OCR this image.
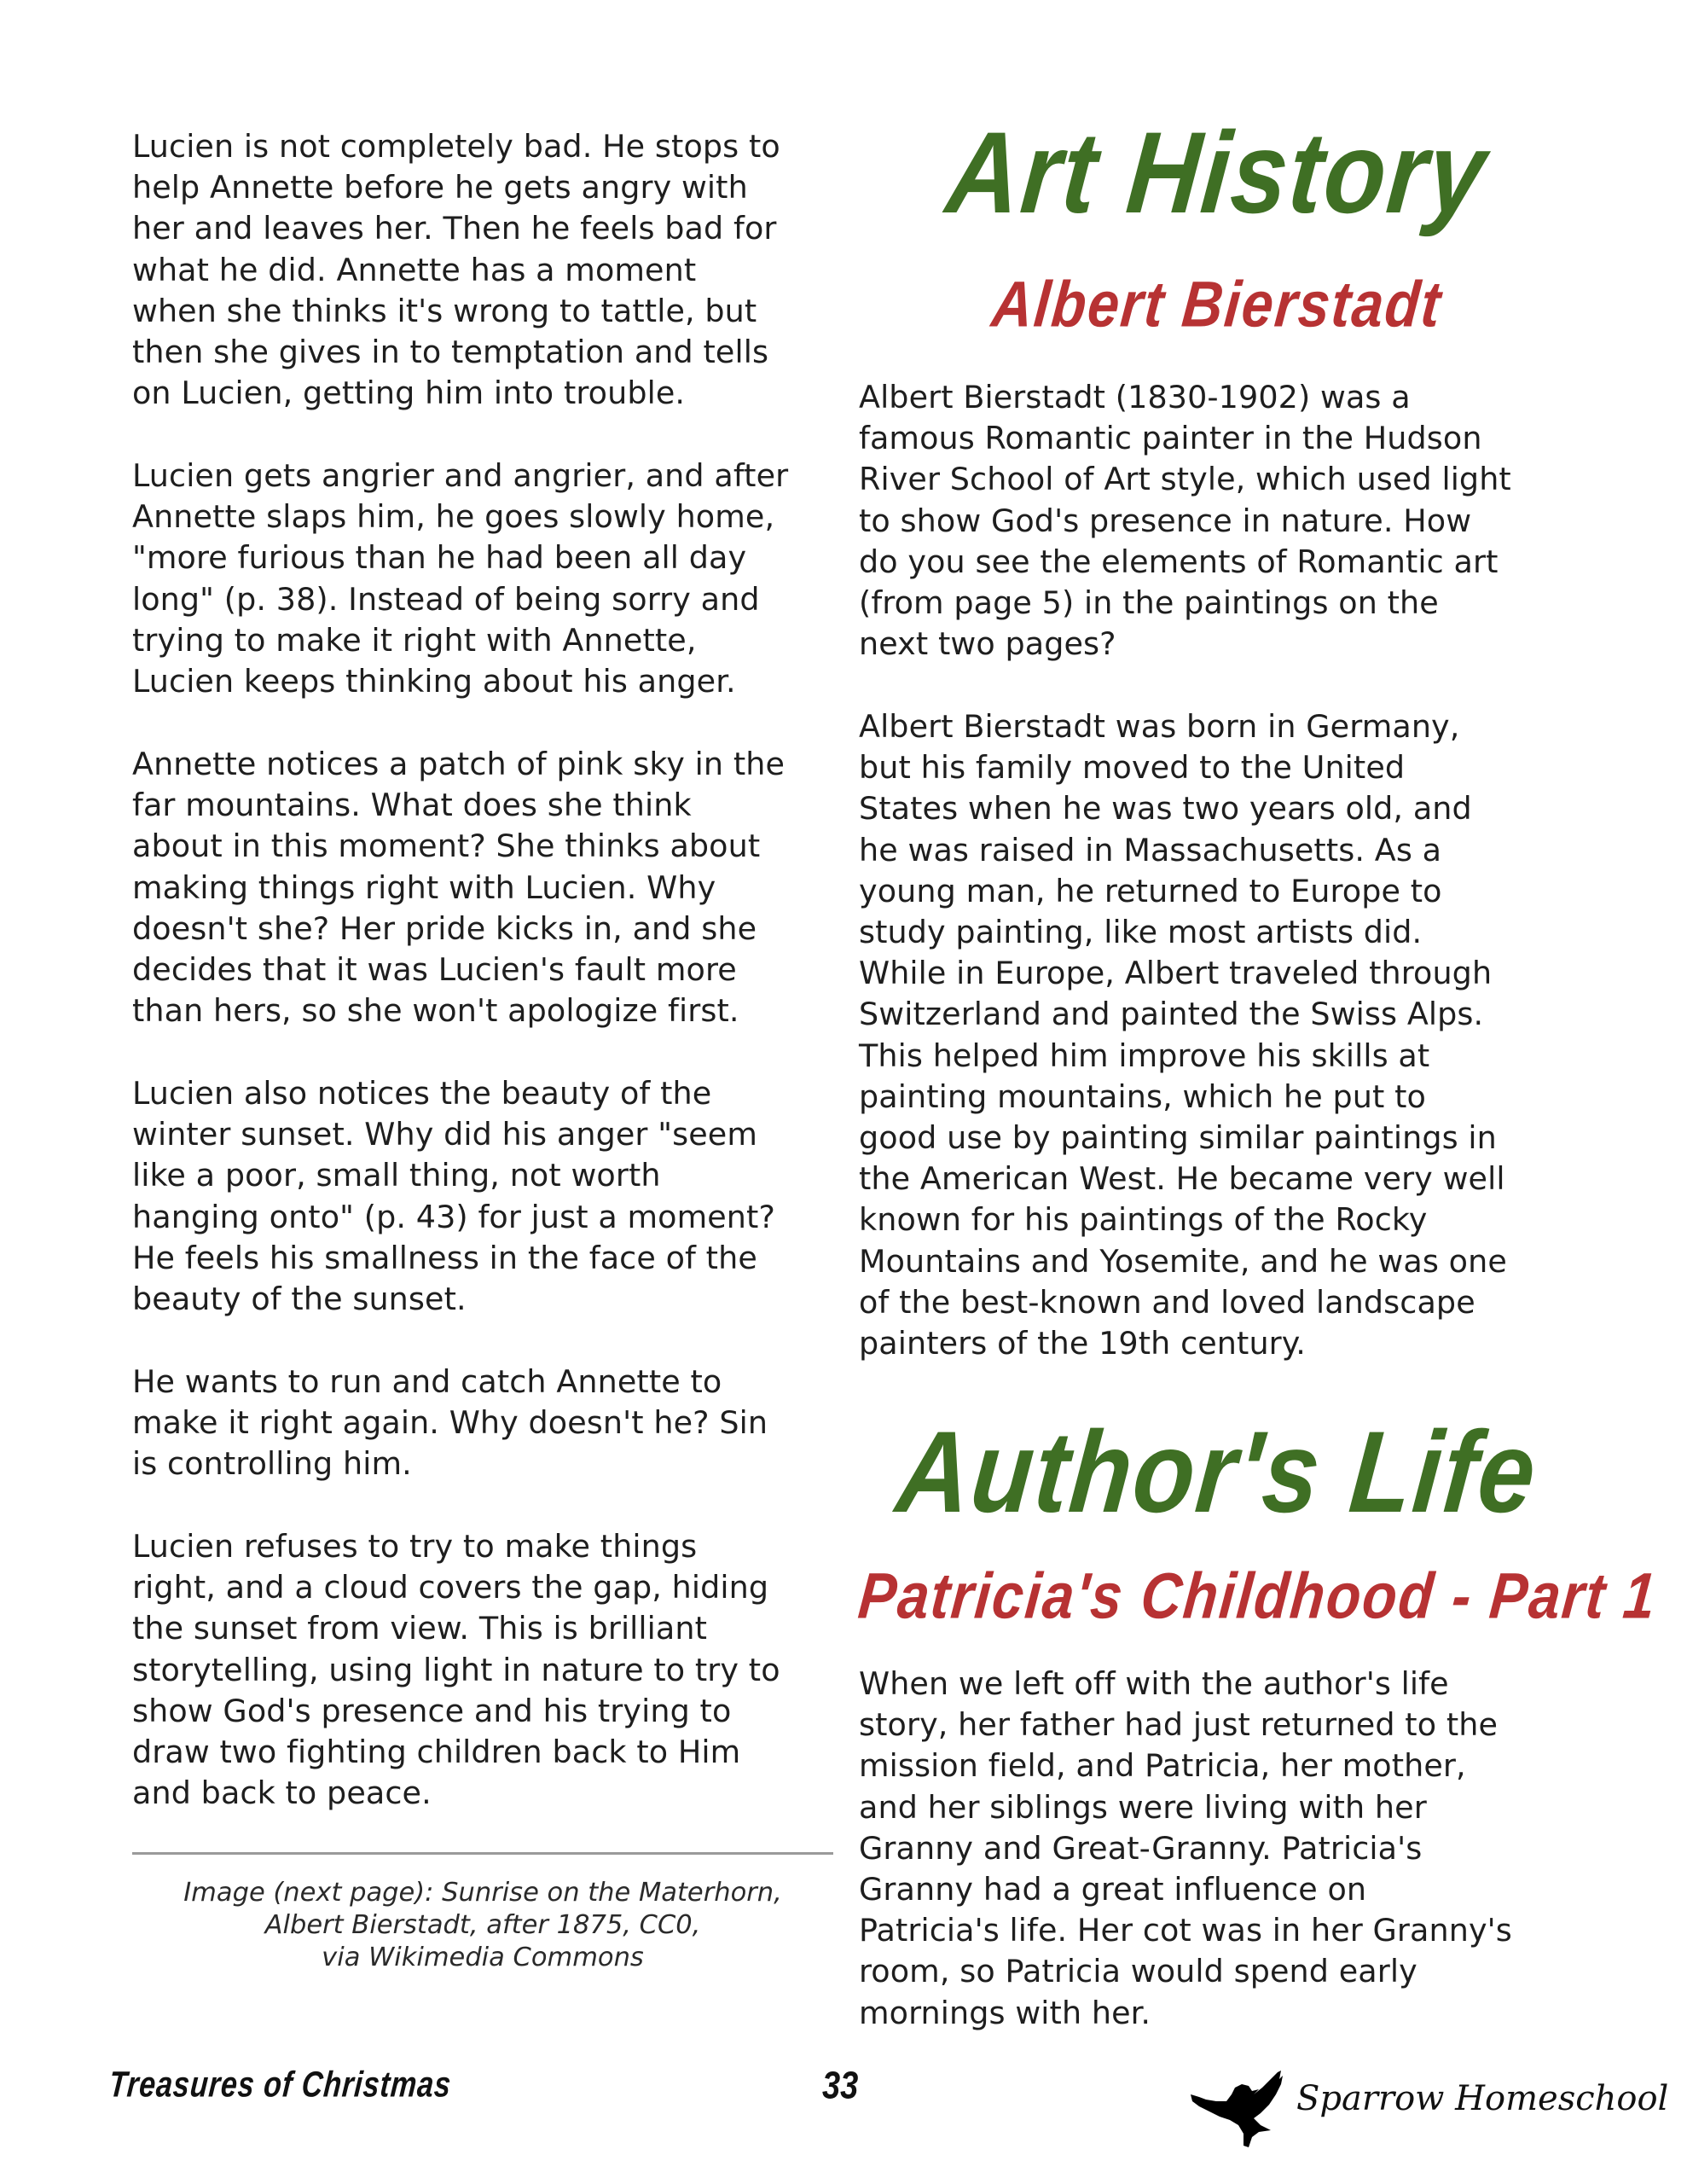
Lucien is not completely bad. He stops to
help Annette before he gets angry with
her and leaves her. Then he feels bad for
what he did. Annette has a moment
when she thinks it's wrong to tattle, but
then she gives in to temptation and tells
on Lucien, getting him into trouble.

Lucien gets angrier and angrier, and after
Annette slaps him, he goes slowly home,
"more furious than he had been all day
long" (p. 38). Instead of being sorry and
trying to make it right with Annette,
Lucien keeps thinking about his anger.

Annette notices a patch of pink sky in the
far mountains. What does she think
about in this moment? She thinks about
making things right with Lucien. Why
doesn't she? Her pride kicks in, and she
decides that it was Lucien's fault more
than hers, so she won't apologize first.

Lucien also notices the beauty of the
winter sunset. Why did his anger "seem
like a poor, small thing, not worth
hanging onto" (p. 43) for just a moment?
He feels his smallness in the face of the
beauty of the sunset.

He wants to run and catch Annette to
make it right again. Why doesn't he? Sin
is controlling him.

Lucien refuses to try to make things
right, and a cloud covers the gap, hiding
the sunset from view. This is brilliant
storytelling, using light in nature to try to
show God's presence and his trying to
draw two fighting children back to Him
and back to peace.

Image (next page): Sunrise on the Materhorn,
Albert Bierstadt, after 1875, CC0,
via Wikimedia Commons
Art History
Albert Bierstadt

Albert Bierstadt (1830-1902) was a
famous Romantic painter in the Hudson
River School of Art style, which used light
to show God's presence in nature. How
do you see the elements of Romantic art
(from page 5) in the paintings on the
next two pages?

Albert Bierstadt was born in Germany,
but his family moved to the United
States when he was two years old, and
he was raised in Massachusetts. As a
young man, he returned to Europe to
study painting, like most artists did.
While in Europe, Albert traveled through
Switzerland and painted the Swiss Alps.
This helped him improve his skills at
painting mountains, which he put to
good use by painting similar paintings in
the American West. He became very well
known for his paintings of the Rocky
Mountains and Yosemite, and he was one
of the best-known and loved landscape
painters of the 19th century.

Author's Life
Patricia's Childhood - Part 1

When we left off with the author's life
story, her father had just returned to the
mission field, and Patricia, her mother,
and her siblings were living with her
Granny and Great-Granny. Patricia's
Granny had a great influence on
Patricia's life. Her cot was in her Granny's
room, so Patricia would spend early
mornings with her.

Treasures of Christmas	33	Sparrow Homeschool
